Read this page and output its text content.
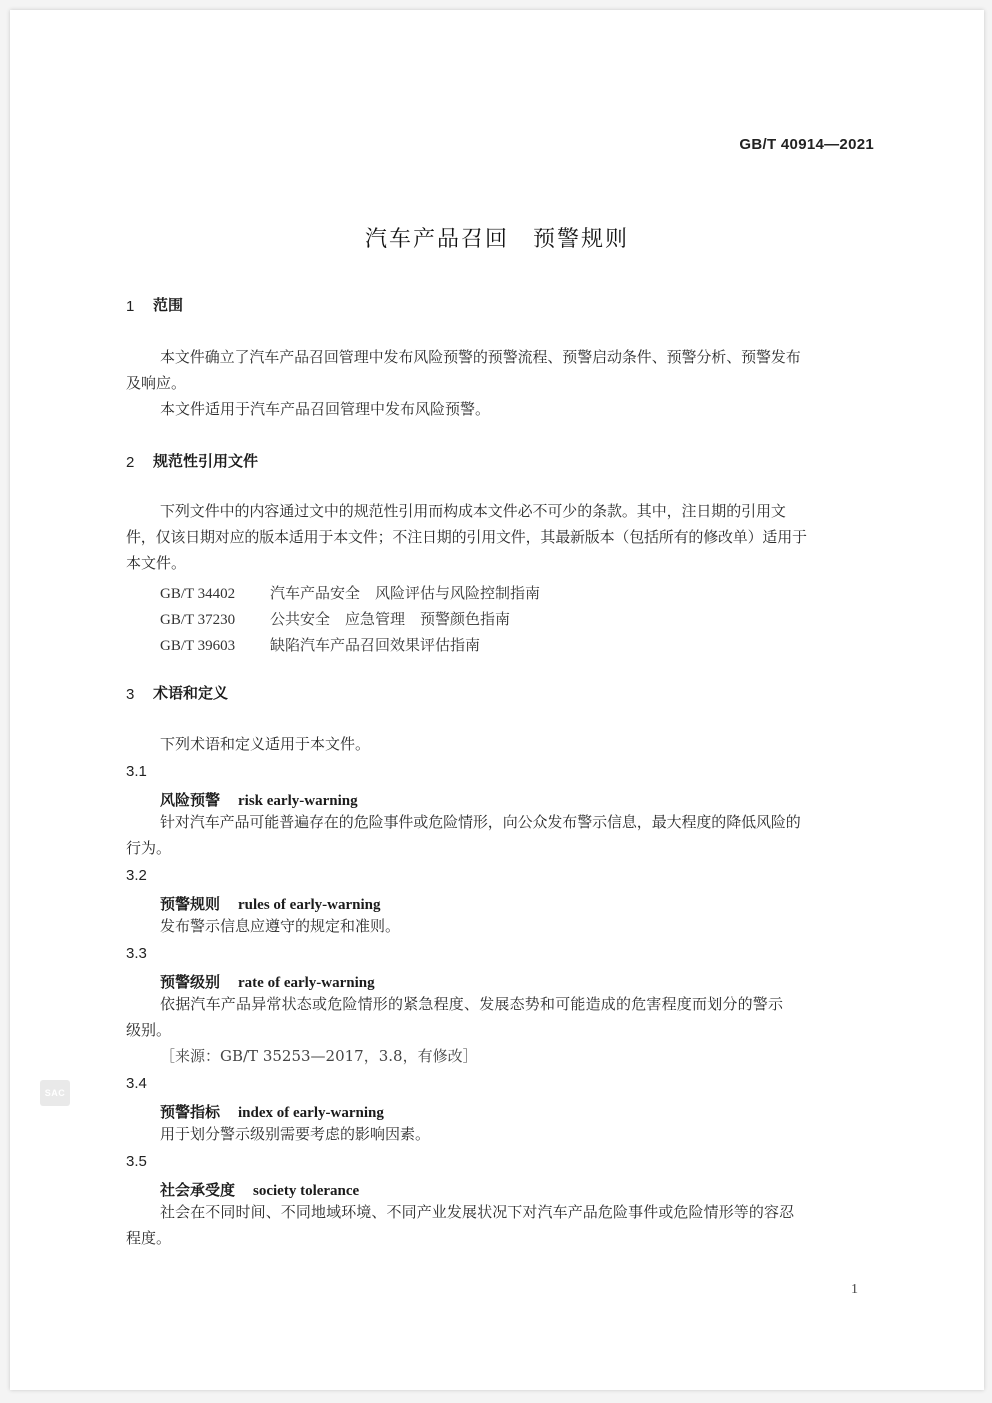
GB/T 40914—2021
汽车产品召回　预警规则
1 范围
本文件确立了汽车产品召回管理中发布风险预警的预警流程、预警启动条件、预警分析、预警发布
及响应。
本文件适用于汽车产品召回管理中发布风险预警。
2 规范性引用文件
下列文件中的内容通过文中的规范性引用而构成本文件必不可少的条款。其中，注日期的引用文
件，仅该日期对应的版本适用于本文件；不注日期的引用文件，其最新版本（包括所有的修改单）适用于
本文件。
GB/T 34402 汽车产品安全　风险评估与风险控制指南
GB/T 37230 公共安全　应急管理　预警颜色指南
GB/T 39603 缺陷汽车产品召回效果评估指南
3 术语和定义
下列术语和定义适用于本文件。
3.1
风险预警 risk early-warning
针对汽车产品可能普遍存在的危险事件或危险情形，向公众发布警示信息，最大程度的降低风险的
行为。
3.2
预警规则 rules of early-warning
发布警示信息应遵守的规定和准则。
3.3
预警级别 rate of early-warning
依据汽车产品异常状态或危险情形的紧急程度、发展态势和可能造成的危害程度而划分的警示
级别。
［来源：GB/T 35253—2017，3.8，有修改］
3.4
预警指标 index of early-warning
用于划分警示级别需要考虑的影响因素。
3.5
社会承受度 society tolerance
社会在不同时间、不同地域环境、不同产业发展状况下对汽车产品危险事件或危险情形等的容忍
程度。
1
SAC
